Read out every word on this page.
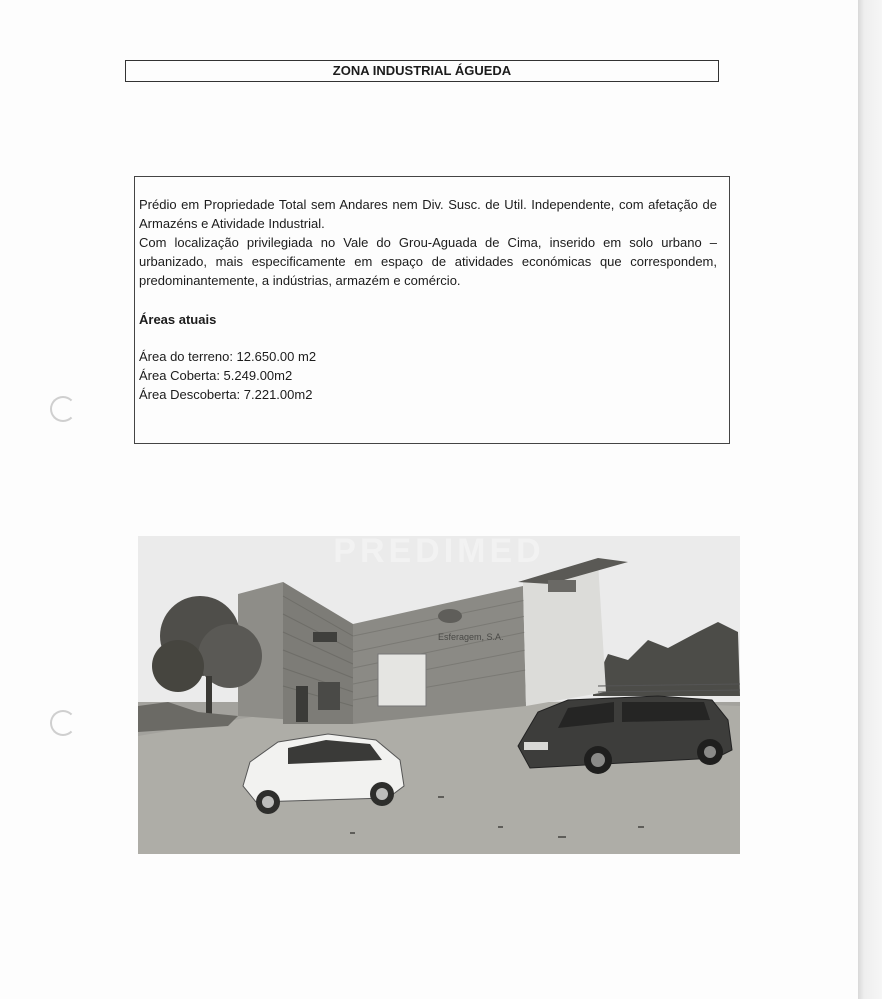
ZONA INDUSTRIAL ÁGUEDA

Prédio em Propriedade Total sem Andares nem Div. Susc. de Util. Independente, com afetação de Armazéns e Atividade Industrial.

Com localização privilegiada no Vale do Grou-Aguada de Cima, inserido em solo urbano – urbanizado, mais especificamente em espaço de atividades económicas que correspondem, predominantemente, a indústrias, armazém e comércio.

Áreas atuais

Área do terreno: 12.650.00 m2
Área Coberta: 5.249.00m2
Área Descoberta: 7.221.00m2
Esferagem, S.A.
PREDIMED
